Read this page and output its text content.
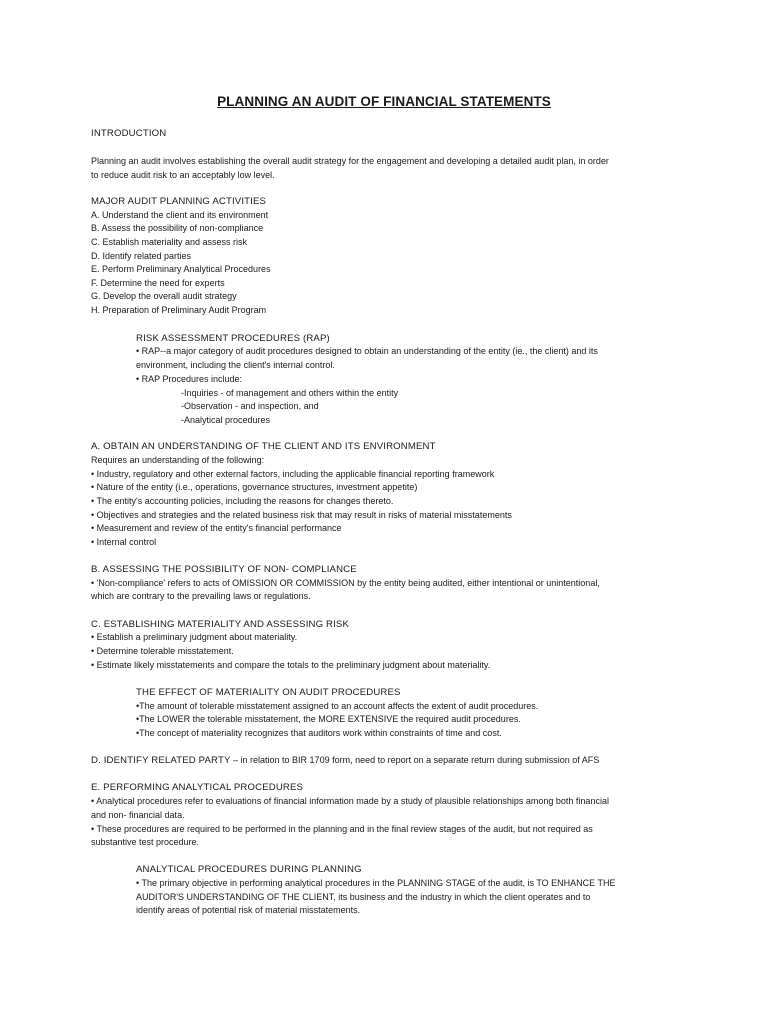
PLANNING AN AUDIT OF FINANCIAL STATEMENTS
INTRODUCTION
Planning an audit involves establishing the overall audit strategy for the engagement and developing a detailed audit plan, in order
to reduce audit risk to an acceptably low level.
MAJOR AUDIT PLANNING ACTIVITIES
A. Understand the client and its environment
B. Assess the possibility of non-compliance
C. Establish materiality and assess risk
D. Identify related parties
E. Perform Preliminary Analytical Procedures
F. Determine the need for experts
G. Develop the overall audit strategy
H. Preparation of Preliminary Audit Program
RISK ASSESSMENT PROCEDURES (RAP)
• RAP--a major category of audit procedures designed to obtain an understanding of the entity (ie., the client) and its
environment, including the client's internal control.
• RAP Procedures include:
-Inquiries - of management and others within the entity
-Observation - and inspection, and
-Analytical procedures
A. OBTAIN AN UNDERSTANDING OF THE CLIENT AND ITS ENVIRONMENT
Requires an understanding of the following:
• Industry, regulatory and other external factors, including the applicable financial reporting framework
• Nature of the entity (i.e., operations, governance structures, investment appetite)
• The entity's accounting policies, including the reasons for changes thereto.
• Objectives and strategies and the related business risk that may result in risks of material misstatements
• Measurement and review of the entity's financial performance
• Internal control
B. ASSESSING THE POSSIBILITY OF NON- COMPLIANCE
• 'Non-compliance' refers to acts of OMISSION OR COMMISSION by the entity being audited, either intentional or unintentional,
which are contrary to the prevailing laws or regulations.
C. ESTABLISHING MATERIALITY AND ASSESSING RISK
• Establish a preliminary judgment about materiality.
• Determine tolerable misstatement.
• Estimate likely misstatements and compare the totals to the preliminary judgment about materiality.
THE EFFECT OF MATERIALITY ON AUDIT PROCEDURES
•The amount of tolerable misstatement assigned to an account affects the extent of audit procedures.
•The LOWER the tolerable misstatement, the MORE EXTENSIVE the required audit procedures.
•The concept of materiality recognizes that auditors work within constraints of time and cost.
D. IDENTIFY RELATED PARTY – in relation to BIR 1709 form, need to report on a separate return during submission of AFS
E. PERFORMING ANALYTICAL PROCEDURES
• Analytical procedures refer to evaluations of financial information made by a study of plausible relationships among both financial
and non- financial data.
• These procedures are required to be performed in the planning and in the final review stages of the audit, but not required as
substantive test procedure.
ANALYTICAL PROCEDURES DURING PLANNING
• The primary objective in performing analytical procedures in the PLANNING STAGE of the audit, is TO ENHANCE THE
AUDITOR'S UNDERSTANDING OF THE CLIENT, its business and the industry in which the client operates and to
identify areas of potential risk of material misstatements.
